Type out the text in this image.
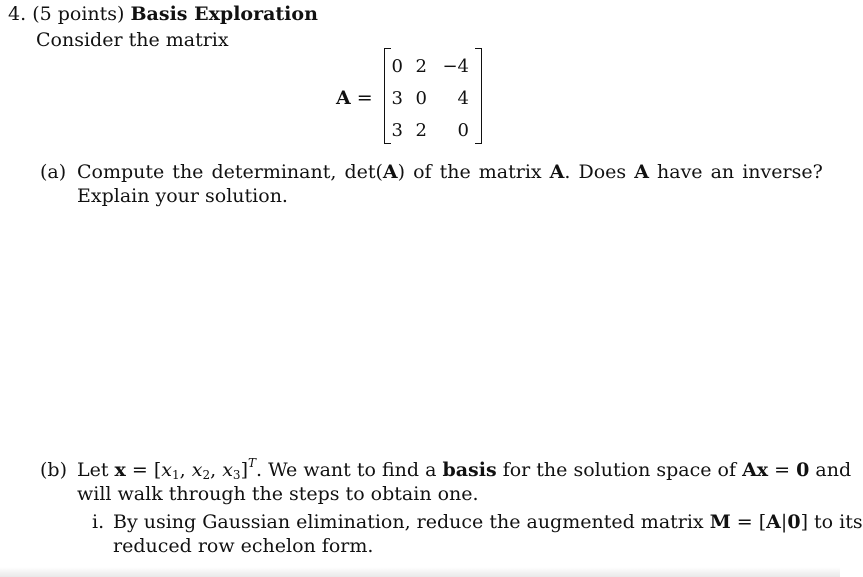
4. (5 points) Basis Exploration
Consider the matrix
A =
0 2 −4
3 0	4
3 2	0
(a) Compute the determinant, det(A) of the matrix A. Does A have an inverse?
Explain your solution.
(b) Let $x = [x_1$, $x_2$, $x_3]^T$. We want to find a basis for the solution space of Ax = 0 and
will walk through the steps to obtain one.
i. By using Gaussian elimination, reduce the augmented matrix M = [A|0] to its
reduced row echelon form.
